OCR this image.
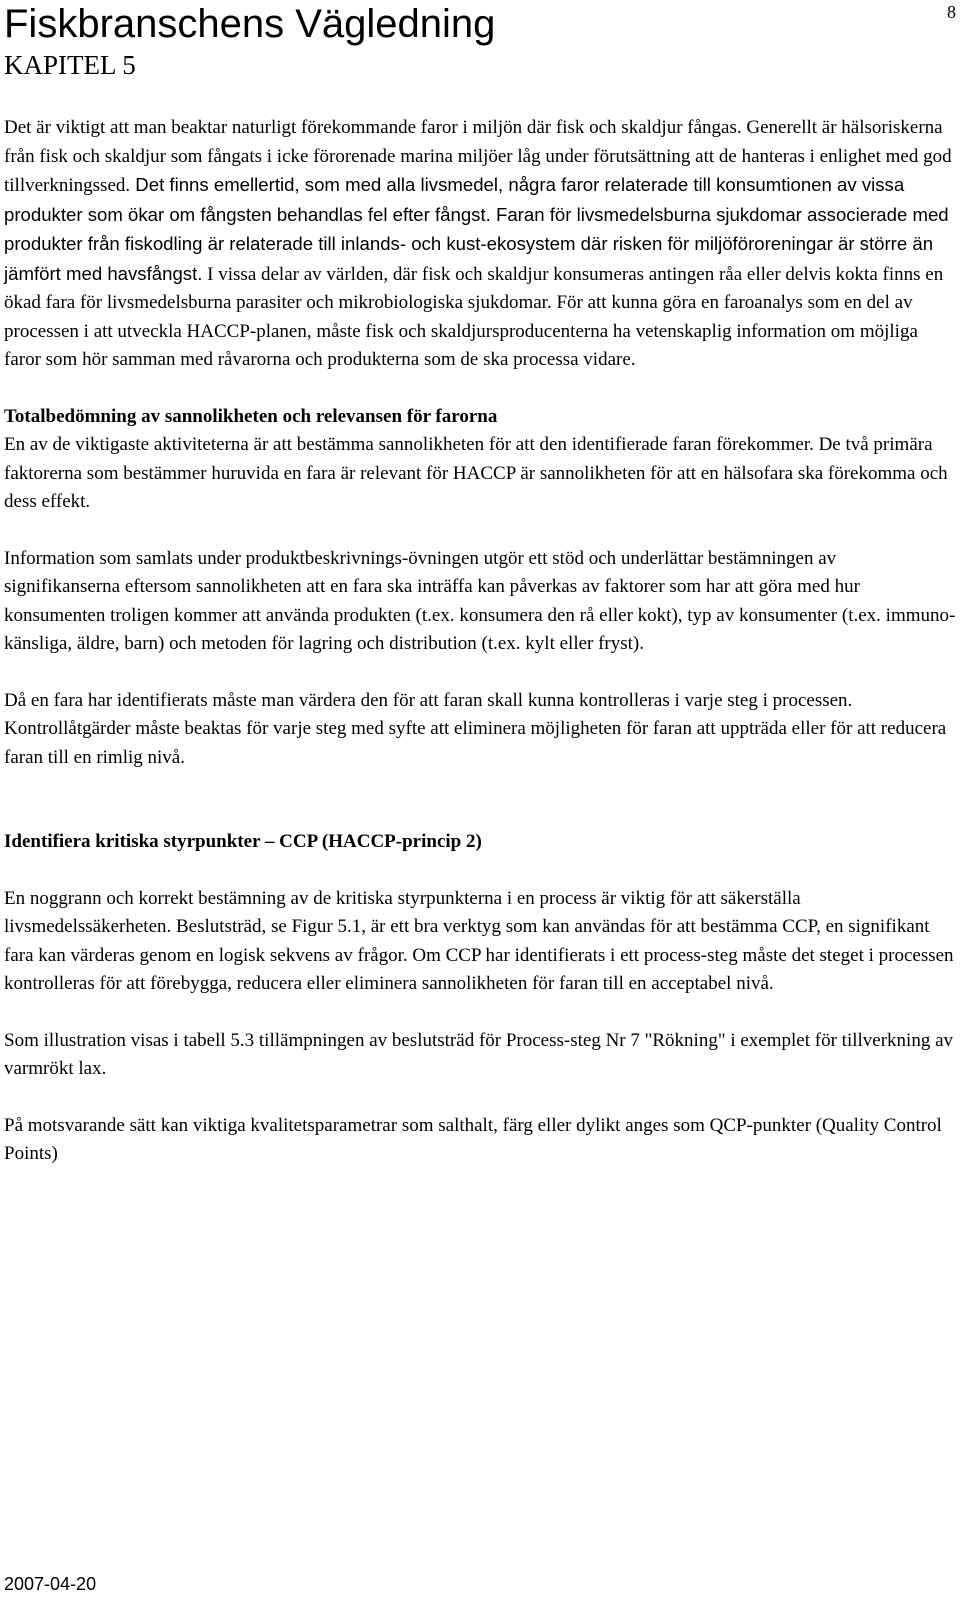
Fiskbranschens Vägledning
KAPITEL 5
8

Det är viktigt att man beaktar naturligt förekommande faror i miljön där fisk och skaldjur fångas. Generellt är hälsoriskerna från fisk och skaldjur som fångats i icke förorenade marina miljöer låg under förutsättning att de hanteras i enlighet med god tillverkningssed. Det finns emellertid, som med alla livsmedel, några faror relaterade till konsumtionen av vissa produkter som ökar om fångsten behandlas fel efter fångst. Faran för livsmedelsburna sjukdomar associerade med produkter från fiskodling är relaterade till inlands- och kust-ekosystem där risken för miljöföroreningar är större än jämfört med havsfångst. I vissa delar av världen, där fisk och skaldjur konsumeras antingen råa eller delvis kokta finns en ökad fara för livsmedelsburna parasiter och mikrobiologiska sjukdomar. För att kunna göra en faroanalys som en del av processen i att utveckla HACCP-planen, måste fisk och skaldjursproducenterna ha vetenskaplig information om möjliga faror som hör samman med råvarorna och produkterna som de ska processa vidare.

Totalbedömning av sannolikheten och relevansen för farorna

En av de viktigaste aktiviteterna är att bestämma sannolikheten för att den identifierade faran förekommer. De två primära faktorerna som bestämmer huruvida en fara är relevant för HACCP är sannolikheten för att en hälsofara ska förekomma och dess effekt.

Information som samlats under produktbeskrivnings-övningen utgör ett stöd och underlättar bestämningen av signifikanserna eftersom sannolikheten att en fara ska inträffa kan påverkas av faktorer som har att göra med hur konsumenten troligen kommer att använda produkten (t.ex. konsumera den rå eller kokt), typ av konsumenter (t.ex. immuno-känsliga, äldre, barn) och metoden för lagring och distribution (t.ex. kylt eller fryst).

Då en fara har identifierats måste man värdera den för att faran skall kunna kontrolleras i varje steg i processen. Kontrollåtgärder måste beaktas för varje steg med syfte att eliminera möjligheten för faran att uppträda eller för att reducera faran till en rimlig nivå.

Identifiera kritiska styrpunkter – CCP (HACCP-princip 2)

En noggrann och korrekt bestämning av de kritiska styrpunkterna i en process är viktig för att säkerställa livsmedelssäkerheten. Beslutsträd, se Figur 5.1, är ett bra verktyg som kan användas för att bestämma CCP, en signifikant fara kan värderas genom en logisk sekvens av frågor. Om CCP har identifierats i ett process-steg måste det steget i processen kontrolleras för att förebygga, reducera eller eliminera sannolikheten för faran till en acceptabel nivå.

Som illustration visas i tabell 5.3 tillämpningen av beslutsträd för Process-steg Nr 7 "Rökning" i exemplet för tillverkning av varmrökt lax.

På motsvarande sätt kan viktiga kvalitetsparametrar som salthalt, färg eller dylikt anges som QCP-punkter (Quality Control Points)

2007-04-20
